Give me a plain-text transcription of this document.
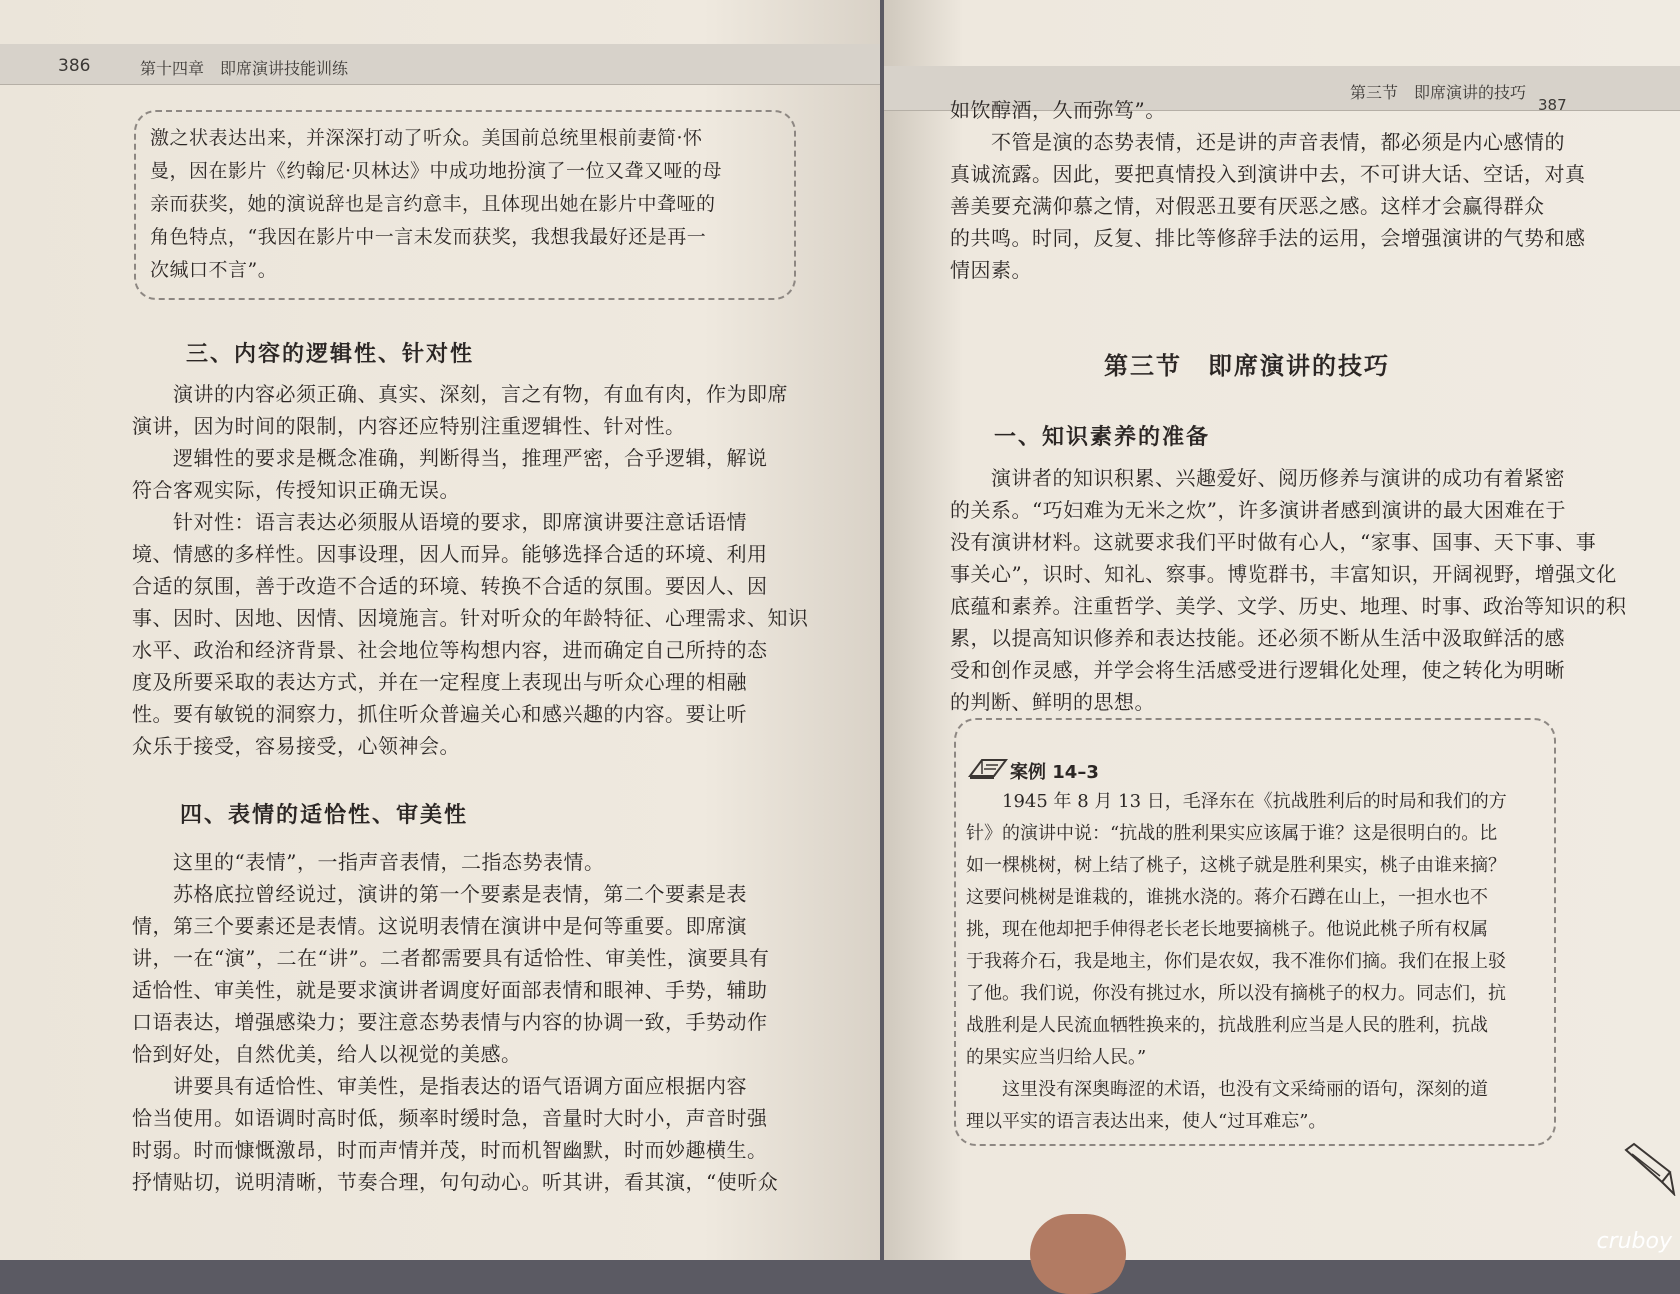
386	第十四章　即席演讲技能训练
激之状表达出来，并深深打动了听众。美国前总统里根前妻简·怀
曼，因在影片《约翰尼·贝林达》中成功地扮演了一位又聋又哑的母
亲而获奖，她的演说辞也是言约意丰，且体现出她在影片中聋哑的
角色特点，“我因在影片中一言未发而获奖，我想我最好还是再一
次缄口不言”。
三、内容的逻辑性、针对性
　　演讲的内容必须正确、真实、深刻，言之有物，有血有肉，作为即席
演讲，因为时间的限制，内容还应特别注重逻辑性、针对性。
　　逻辑性的要求是概念准确，判断得当，推理严密，合乎逻辑，解说
符合客观实际，传授知识正确无误。
　　针对性：语言表达必须服从语境的要求，即席演讲要注意话语情
境、情感的多样性。因事设理，因人而异。能够选择合适的环境、利用
合适的氛围，善于改造不合适的环境、转换不合适的氛围。要因人、因
事、因时、因地、因情、因境施言。针对听众的年龄特征、心理需求、知识
水平、政治和经济背景、社会地位等构想内容，进而确定自己所持的态
度及所要采取的表达方式，并在一定程度上表现出与听众心理的相融
性。要有敏锐的洞察力，抓住听众普遍关心和感兴趣的内容。要让听
众乐于接受，容易接受，心领神会。
四、表情的适恰性、审美性
　　这里的“表情”，一指声音表情，二指态势表情。
　　苏格底拉曾经说过，演讲的第一个要素是表情，第二个要素是表
情，第三个要素还是表情。这说明表情在演讲中是何等重要。即席演
讲，一在“演”，二在“讲”。二者都需要具有适恰性、审美性，演要具有
适恰性、审美性，就是要求演讲者调度好面部表情和眼神、手势，辅助
口语表达，增强感染力；要注意态势表情与内容的协调一致，手势动作
恰到好处，自然优美，给人以视觉的美感。
　　讲要具有适恰性、审美性，是指表达的语气语调方面应根据内容
恰当使用。如语调时高时低，频率时缓时急，音量时大时小，声音时强
时弱。时而慷慨激昂，时而声情并茂，时而机智幽默，时而妙趣横生。
抒情贴切，说明清晰，节奏合理，句句动心。听其讲，看其演，“使听众
第三节　即席演讲的技巧
387
如饮醇酒，久而弥笃”。
　　不管是演的态势表情，还是讲的声音表情，都必须是内心感情的
真诚流露。因此，要把真情投入到演讲中去，不可讲大话、空话，对真
善美要充满仰慕之情，对假恶丑要有厌恶之感。这样才会赢得群众
的共鸣。时同，反复、排比等修辞手法的运用，会增强演讲的气势和感
情因素。
第三节　即席演讲的技巧
一、知识素养的准备
　　演讲者的知识积累、兴趣爱好、阅历修养与演讲的成功有着紧密
的关系。“巧妇难为无米之炊”，许多演讲者感到演讲的最大困难在于
没有演讲材料。这就要求我们平时做有心人，“家事、国事、天下事、事
事关心”，识时、知礼、察事。博览群书，丰富知识，开阔视野，增强文化
底蕴和素养。注重哲学、美学、文学、历史、地理、时事、政治等知识的积
累，以提高知识修养和表达技能。还必须不断从生活中汲取鲜活的感
受和创作灵感，并学会将生活感受进行逻辑化处理，使之转化为明晰
的判断、鲜明的思想。
案例 14–3
　　1945 年 8 月 13 日，毛泽东在《抗战胜利后的时局和我们的方
针》的演讲中说：“抗战的胜利果实应该属于谁？这是很明白的。比
如一棵桃树，树上结了桃子，这桃子就是胜利果实，桃子由谁来摘？
这要问桃树是谁栽的，谁挑水浇的。蒋介石蹲在山上，一担水也不
挑，现在他却把手伸得老长老长地要摘桃子。他说此桃子所有权属
于我蒋介石，我是地主，你们是农奴，我不准你们摘。我们在报上驳
了他。我们说，你没有挑过水，所以没有摘桃子的权力。同志们，抗
战胜利是人民流血牺牲换来的，抗战胜利应当是人民的胜利，抗战
的果实应当归给人民。”
　　这里没有深奥晦涩的术语，也没有文采绮丽的语句，深刻的道
理以平实的语言表达出来，使人“过耳难忘”。
cruboy
